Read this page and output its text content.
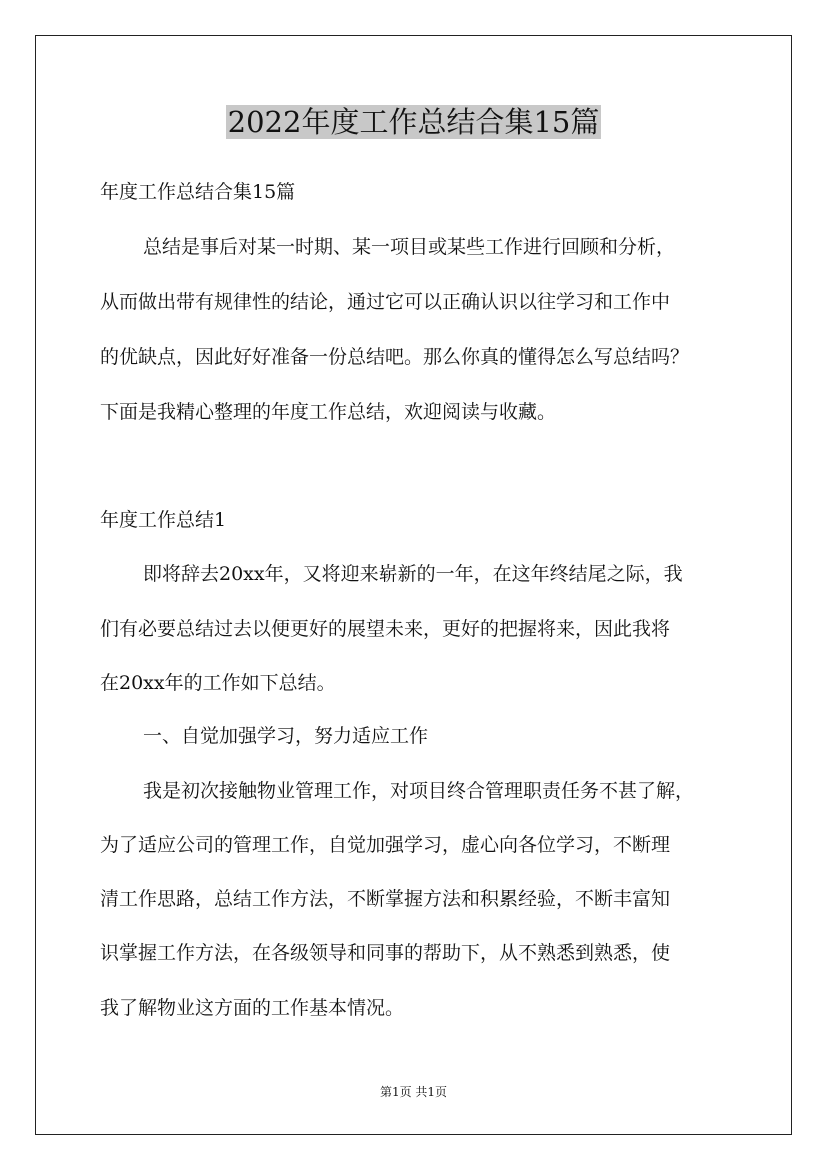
2022年度工作总结合集15篇
年度工作总结合集15篇
总结是事后对某一时期、某一项目或某些工作进行回顾和分析，
从而做出带有规律性的结论，通过它可以正确认识以往学习和工作中
的优缺点，因此好好准备一份总结吧。那么你真的懂得怎么写总结吗？
下面是我精心整理的年度工作总结，欢迎阅读与收藏。
年度工作总结1
即将辞去20xx年，又将迎来崭新的一年，在这年终结尾之际，我
们有必要总结过去以便更好的展望未来，更好的把握将来，因此我将
在20xx年的工作如下总结。
一、自觉加强学习，努力适应工作
我是初次接触物业管理工作，对项目终合管理职责任务不甚了解，
为了适应公司的管理工作，自觉加强学习，虚心向各位学习，不断理
清工作思路，总结工作方法，不断掌握方法和积累经验，不断丰富知
识掌握工作方法，在各级领导和同事的帮助下，从不熟悉到熟悉，使
我了解物业这方面的工作基本情况。
第1页 共1页
